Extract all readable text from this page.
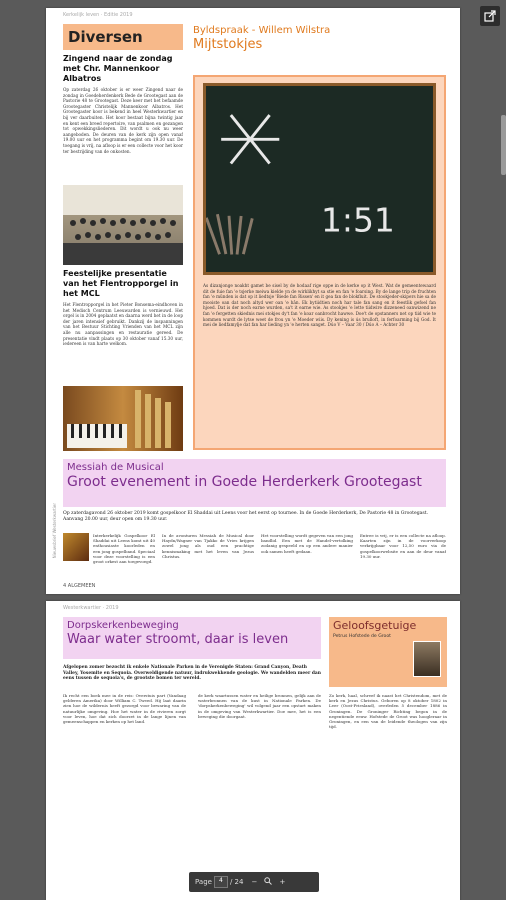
Kerkelijk leven · Editie 2019
Diversen
Zingend naar de zondag met Chr. Mannenkoor Albatros
Op zaterdag 26 oktober is er weer Zingend naar de zondag in Goedeherdenkerk Bede de Grootegast aan de Pastorie 48 te Grootegast. Deze keer met het befaamde Grootegaster Christelijk Mannenkoor Albatros. Het Grootegaster koor is bekend in heel Westerkwartier en bij ver daarbuiten. Het koor bestaat bijna twintig jaar en kent een breed repertoire, van psalmen en gezangen tot opwekkingsliederen. Dit wordt u ook nu weer aangeboden. De deuren van de kerk zijn open vanaf 19.00 uur en het programma begint om 19.30 uur. De toegang is vrij, na afloop is er een collecte voor het koor ter bestrijding van de onkosten.
Feestelijke presentatie van het Flentropporgel in het MCL
Het Flentropporgel in het Pieter Bonsema-eindhoven in het Medisch Centrum Leeuwarden is vernieuwd. Het orgel is in 2004 geplaatst en daarna werd het in de loop der jaren intensief gebruikt. Dankzij de inspanningen van het Bestuur Stichting Vrienden van het MCL zijn alle nu aanpassingen en restauratie gereed. De presentatie vindt plaats op 30 oktober vanaf 15.30 uur, iedereen is van harte welkom.
Byldspraak - Willem Wilstra
Mijtstokjes
1:51
As dizanjonge noakht gamet be sisel by de hodaaf rige oppe in de kerke op it West. Wat de gemeentewaard dit de fuie fan 'e tsjerke meiwa kielde yn de wirklikhyt sa stie en fan 'e foarsing. By de lange trip de fruchten fan 'e mûnden is dat op it liedtsje 'Biede fan Rissen' en it gea fan de blokfluit. De stookjeder-skipers hie sa de mooiste oan dat noch altyd wer oan 'e hân. Ek bytiidtien noch har tale fan sang en it feestlik gefoel fan hjoed. Dat is der noch earne wurden, sa't it earne wie. As stookjes 'e lette tiidwire dizzeneed oanwizend ne fan 'e fergetten skiednis mei stokjes dy't fan 'e koar oanbrocht hawwe. Doe't de opstanners net op tiid wie te kommen wurdt de lytse weet de frou yn 'e Moeder wiis. Dy kening is ús brulloft, in ferfoarming bij God. It mei de liedfamylje dat fan har lieding yn 'e herten sanget. Dúo V – Vaar 30 / Dúo A – Achter 30
Messiah de Musical
Groot evenement in Goede Herderkerk Grootegast
Op zaterdagavond 26 oktober 2019 komt gospelkoor El Shaddai uit Leens voor het eerst op tournee. In de Goede Herderkerk, De Pastorie 48 in Grootegast. Aanvang 20.00 uur, deur open om 19.30 uur.
Interkerkelijk Gospelkoor El Shaddai uit Leens komt uit 40 enthousiaste koorleden en een jong gospelband. Speciaal voor deze voorstelling is een groot orkest aan toegevoegd.
In de avonturen Messiah de Musical door Haydn/Wagner van Tjakko de Vries krijgen zowel jong als oud een prachtige kennismaking met het leven van Jezus Christus.
Het voorstelling wordt gegeven van een jong bandlid. Een met de Handel-vertolking zodanig gespeeld en op een andere manier ook samen heeft gedaan.
Entree is vrij, er is een collecte na afloop. Kaarten zijn in de voorverkoop verkrijgbaar voor 12,50 euro via de gospelkoorwebsite en aan de deur vanaf 19.30 uur.
4 ALGEMEEN
Nieuwsbrief Westerkwartier
Westerkwartier · 2019
Dorpskerkenbeweging
Waar water stroomt, daar is leven
Geloofsgetuige
Petrus Hofstede de Groot
Afgelopen zomer bezocht ik enkele Nationale Parken in de Verenigde Staten: Grand Canyon, Death Valley, Yosemite en Sequoia. Overweldigende natuur, indrukwekkende geologie. We wandelden meer dan eens tussen de sequoia's, de grootste bomen ter wereld.
Ik recht een boek mee in de reis: Overstuis part (Vandaag gelderen Amerika) door William C. Tweed. Hij laat daarin zien hoe de wildernis heeft gezorgd voor bewaring van de natuurlijke omgeving. Hoe het water in de rivieren zorgt voor leven, hoe dat zich doorzet in de lange lijnen van gemeenschappen en kerken op het land.
de kerk waartussen water en heilige bronnen, gelijk aan de waterbronnen van de kust in Nationale Parken. De 'dorpskerkenbeweging' wil volgend jaar een opstart maken in de omgeving van Westerkwartier. Doe mee, het is een beweging die doorgaat.
Zo kerk, haal, schreef ik naast het Christendom, met de kerk en Jezus Christus. Geboren op 8 oktober 1802 in Leer (Oost-Friesland), overleden 5 december 1886 in Groningen. De Groninger Richting begon in de negentiende eeuw. Hofstede de Groot was hoogleraar in Groningen, en een van de leidende theologen van zijn tijd.
Page	4	/ 24	−	+
